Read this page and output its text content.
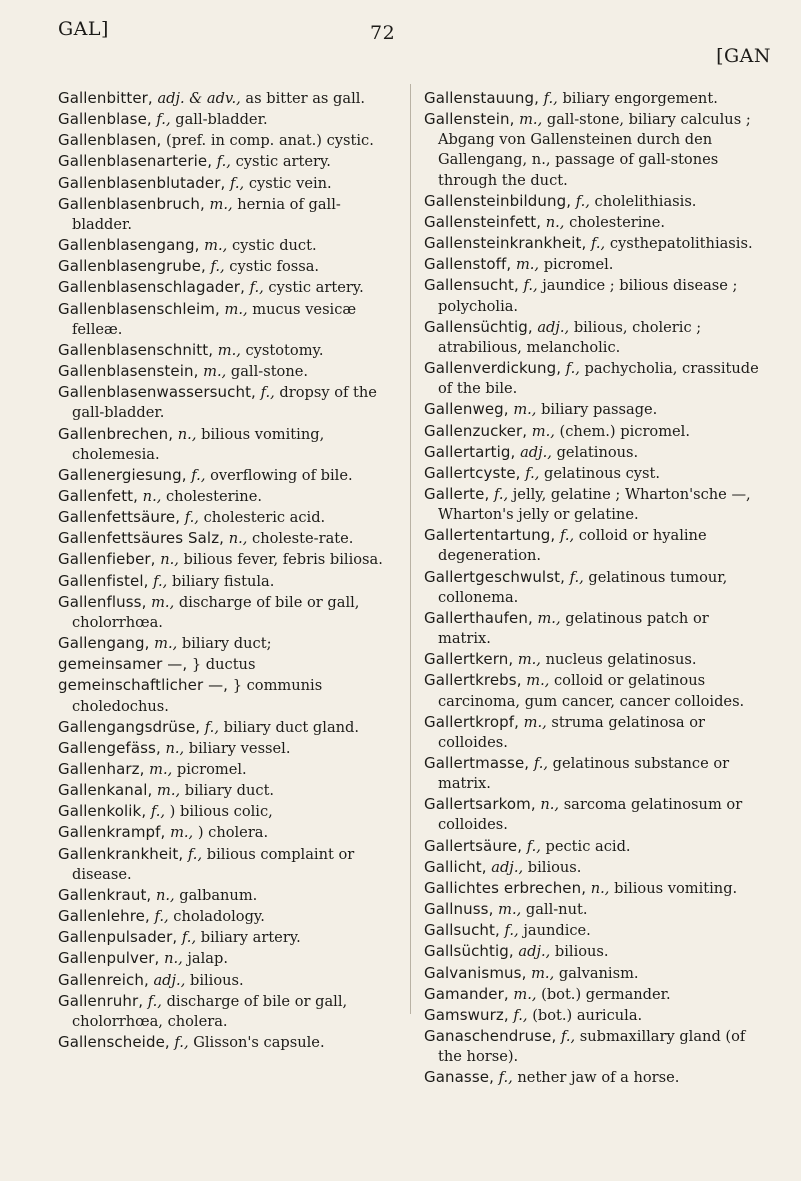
GAL]	72
[GAN

Gallenbitter, adj. & adv., as bitter as gall.

Gallenblase, f., gall-bladder.

Gallenblasen, (pref. in comp. anat.) cystic.

Gallenblasenarterie, f., cystic artery.

Gallenblasenblutader, f., cystic vein.

Gallenblasenbruch, m., hernia of gall-bladder.

Gallenblasengang, m., cystic duct.

Gallenblasengrube, f., cystic fossa.

Gallenblasenschlagader, f., cystic artery.

Gallenblasenschleim, m., mucus vesicæ felleæ.

Gallenblasenschnitt, m., cystotomy.

Gallenblasenstein, m., gall-stone.

Gallenblasenwassersucht, f., dropsy of the gall-bladder.

Gallenbrechen, n., bilious vomiting, cholemesia.

Gallenergiesung, f., overflowing of bile.

Gallenfett, n., cholesterine.

Gallenfettsäure, f., cholesteric acid.

Gallenfettsäures Salz, n., choleste-rate.

Gallenfieber, n., bilious fever, febris biliosa.

Gallenfistel, f., biliary fistula.

Gallenfluss, m., discharge of bile or gall, cholorrhœa.

Gallengang, m., biliary duct;

gemeinsamer —, } ductus

gemeinschaftlicher —, } communis choledochus.

Gallengangsdrüse, f., biliary duct gland.

Gallengefäss, n., biliary vessel.

Gallenharz, m., picromel.

Gallenkanal, m., biliary duct.

Gallenkolik, f., ) bilious colic,

Gallenkrampf, m., ) cholera.

Gallenkrankheit, f., bilious complaint or disease.

Gallenkraut, n., galbanum.

Gallenlehre, f., choladology.

Gallenpulsader, f., biliary artery.

Gallenpulver, n., jalap.

Gallenreich, adj., bilious.

Gallenruhr, f., discharge of bile or gall, cholorrhœa, cholera.

Gallenscheide, f., Glisson's capsule.

Gallenstauung, f., biliary engorgement.

Gallenstein, m., gall-stone, biliary calculus ; Abgang von Gallensteinen durch den Gallengang, n., passage of gall-stones through the duct.

Gallensteinbildung, f., cholelithiasis.

Gallensteinfett, n., cholesterine.

Gallensteinkrankheit, f., cysthepatolithiasis.

Gallenstoff, m., picromel.

Gallensucht, f., jaundice ; bilious disease ; polycholia.

Gallensüchtig, adj., bilious, choleric ; atrabilious, melancholic.

Gallenverdickung, f., pachycholia, crassitude of the bile.

Gallenweg, m., biliary passage.

Gallenzucker, m., (chem.) picromel.

Gallertartig, adj., gelatinous.

Gallertcyste, f., gelatinous cyst.

Gallerte, f., jelly, gelatine ; Wharton'sche —, Wharton's jelly or gelatine.

Gallertentartung, f., colloid or hyaline degeneration.

Gallertgeschwulst, f., gelatinous tumour, collonema.

Gallerthaufen, m., gelatinous patch or matrix.

Gallertkern, m., nucleus gelatinosus.

Gallertkrebs, m., colloid or gelatinous carcinoma, gum cancer, cancer colloides.

Gallertkropf, m., struma gelatinosa or colloides.

Gallertmasse, f., gelatinous substance or matrix.

Gallertsarkom, n., sarcoma gelatinosum or colloides.

Gallertsäure, f., pectic acid.

Gallicht, adj., bilious.

Gallichtes erbrechen, n., bilious vomiting.

Gallnuss, m., gall-nut.

Gallsucht, f., jaundice.

Gallsüchtig, adj., bilious.

Galvanismus, m., galvanism.

Gamander, m., (bot.) germander.

Gamswurz, f., (bot.) auricula.

Ganaschendruse, f., submaxillary gland (of the horse).

Ganasse, f., nether jaw of a horse.
